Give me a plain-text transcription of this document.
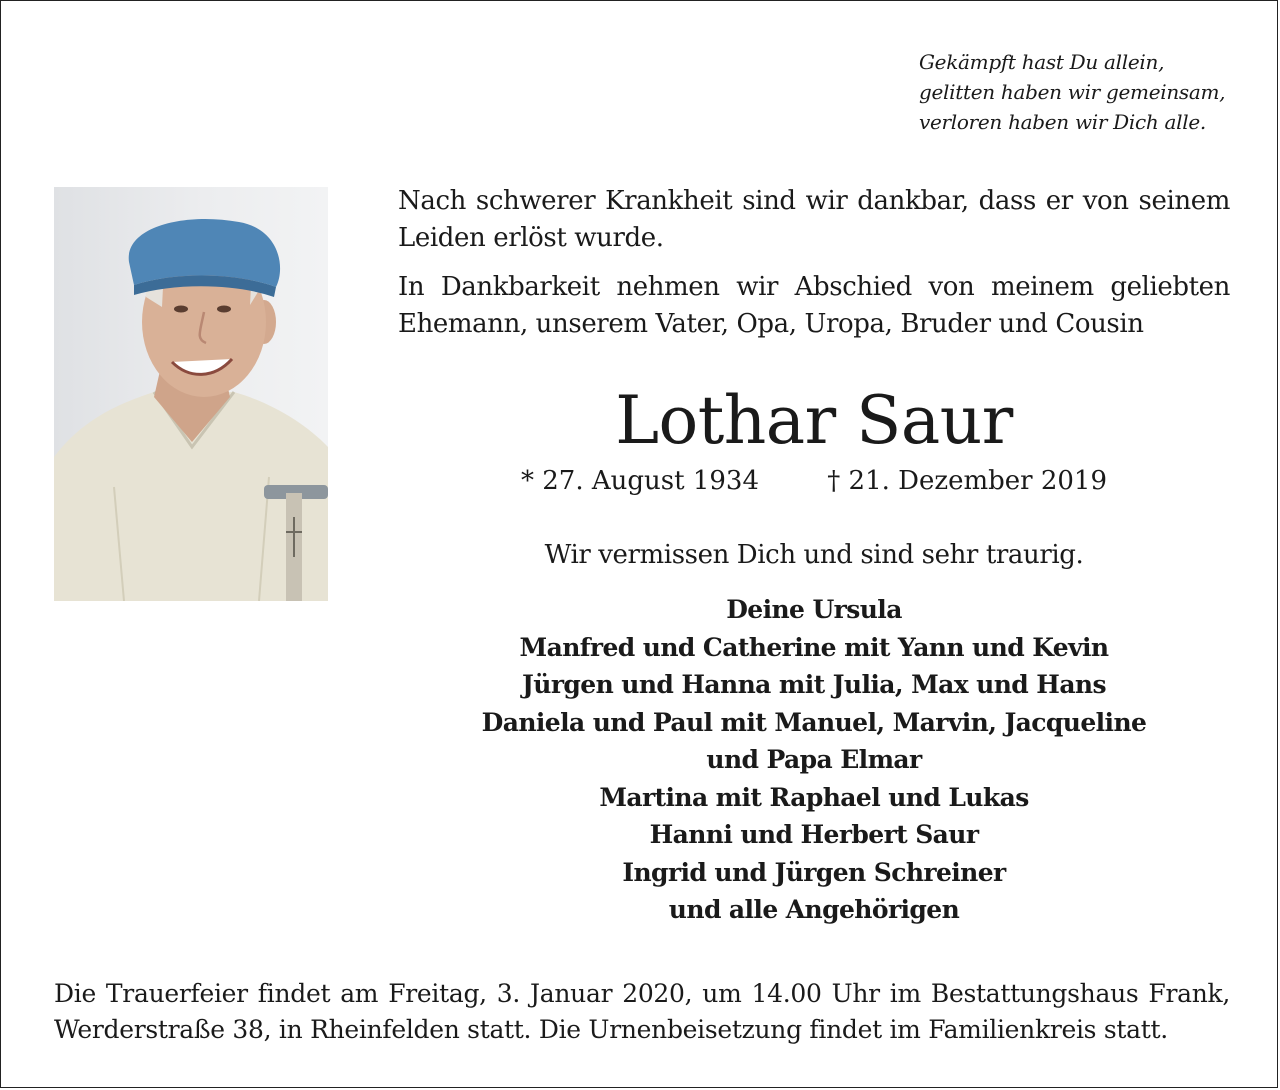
Gekämpft hast Du allein,
gelitten haben wir gemeinsam,
verloren haben wir Dich alle.

Nach schwerer Krankheit sind wir dankbar, dass er von seinem Leiden erlöst wurde.

In Dankbarkeit nehmen wir Abschied von meinem geliebten Ehemann, unserem Vater, Opa, Uropa, Bruder und Cousin

Lothar Saur
* 27. August 1934	† 21. Dezember 2019
Wir vermissen Dich und sind sehr traurig.
Deine Ursula
Manfred und Catherine mit Yann und Kevin
Jürgen und Hanna mit Julia, Max und Hans
Daniela und Paul mit Manuel, Marvin, Jacqueline
und Papa Elmar
Martina mit Raphael und Lukas
Hanni und Herbert Saur
Ingrid und Jürgen Schreiner
und alle Angehörigen
Die Trauerfeier findet am Freitag, 3. Januar 2020, um 14.00 Uhr im Bestattungshaus Frank, Werderstraße 38, in Rheinfelden statt. Die Urnenbeisetzung findet im Familienkreis statt.
